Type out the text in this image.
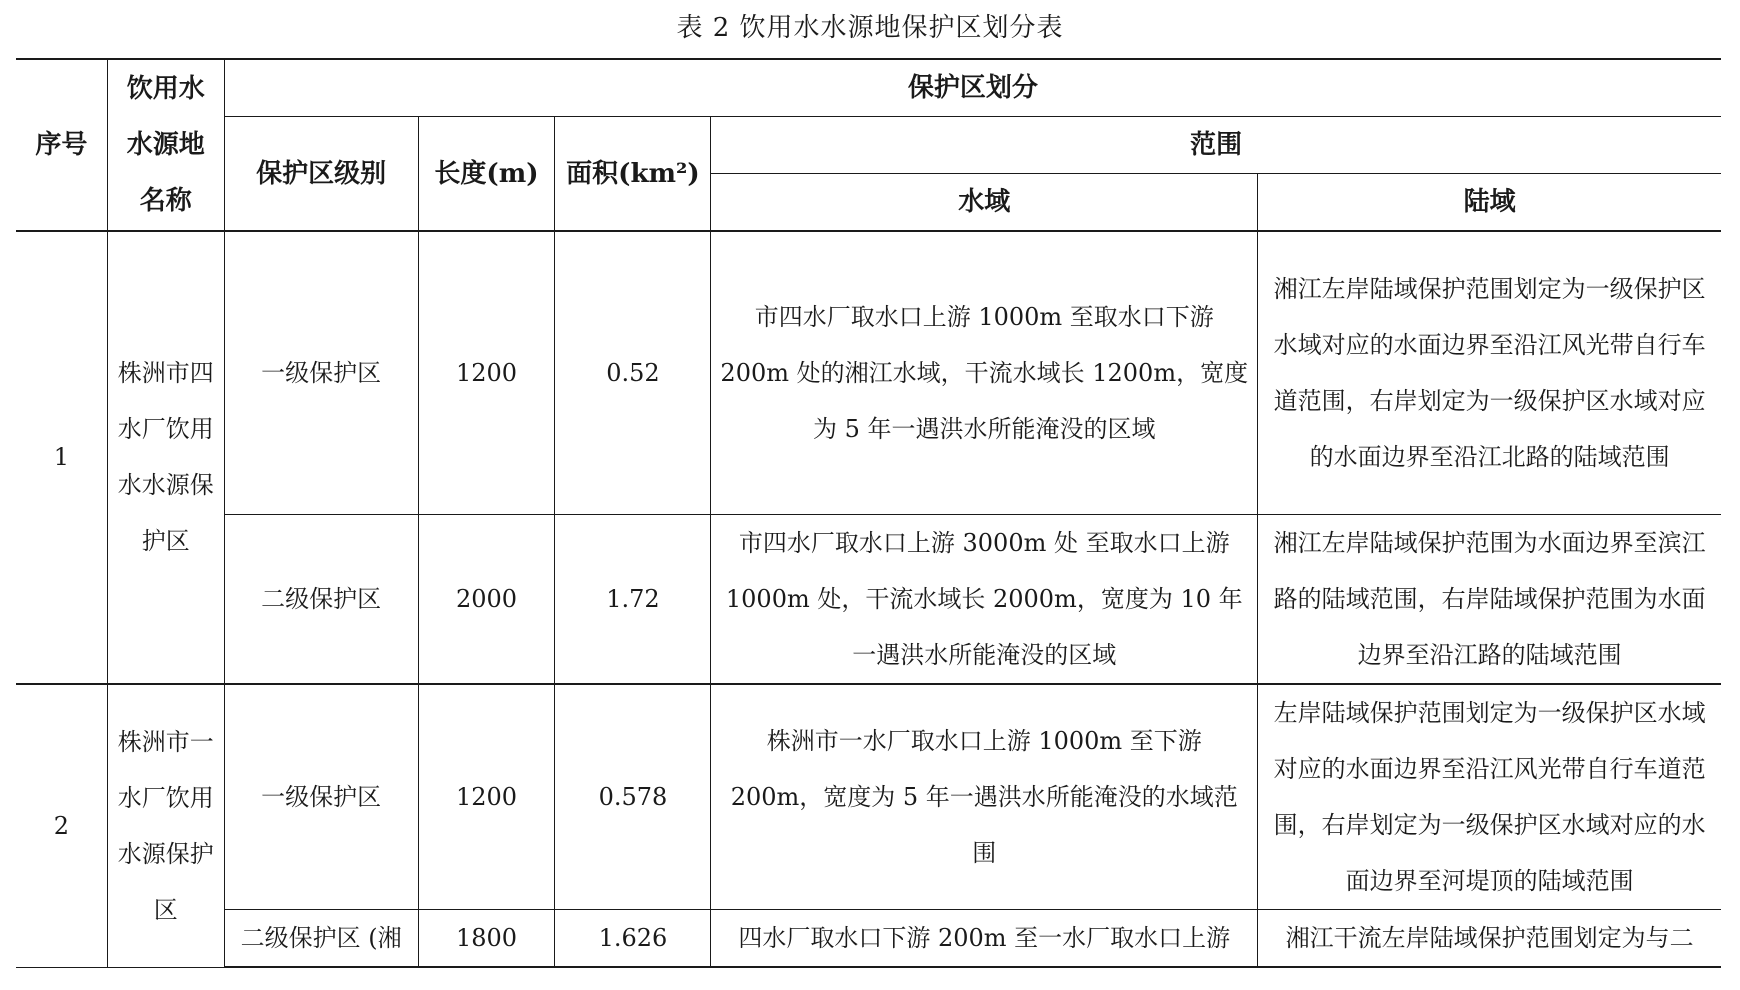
表 2 饮用水水源地保护区划分表
序号	饮用水水源地名称	保护区划分				
		保护区级别	长度(m)	面积(km²)	范围	
					水域	陆域
1	株洲市四水厂饮用水水源保护区	一级保护区	1200	0.52	市四水厂取水口上游 1000m 至取水口下游 200m 处的湘江水域，干流水域长 1200m，宽度为 5 年一遇洪水所能淹没的区域	湘江左岸陆域保护范围划定为一级保护区水域对应的水面边界至沿江风光带自行车道范围，右岸划定为一级保护区水域对应的水面边界至沿江北路的陆域范围
		二级保护区	2000	1.72	市四水厂取水口上游 3000m 处 至取水口上游 1000m 处，干流水域长 2000m，宽度为 10 年一遇洪水所能淹没的区域	湘江左岸陆域保护范围为水面边界至滨江路的陆域范围，右岸陆域保护范围为水面边界至沿江路的陆域范围
2	株洲市一水厂饮用水源保护区	一级保护区	1200	0.578	株洲市一水厂取水口上游 1000m 至下游 200m，宽度为 5 年一遇洪水所能淹没的水域范围	左岸陆域保护范围划定为一级保护区水域对应的水面边界至沿江风光带自行车道范围，右岸划定为一级保护区水域对应的水面边界至河堤顶的陆域范围
		二级保护区 (湘	1800	1.626	四水厂取水口下游 200m 至一水厂取水口上游	湘江干流左岸陆域保护范围划定为与二
